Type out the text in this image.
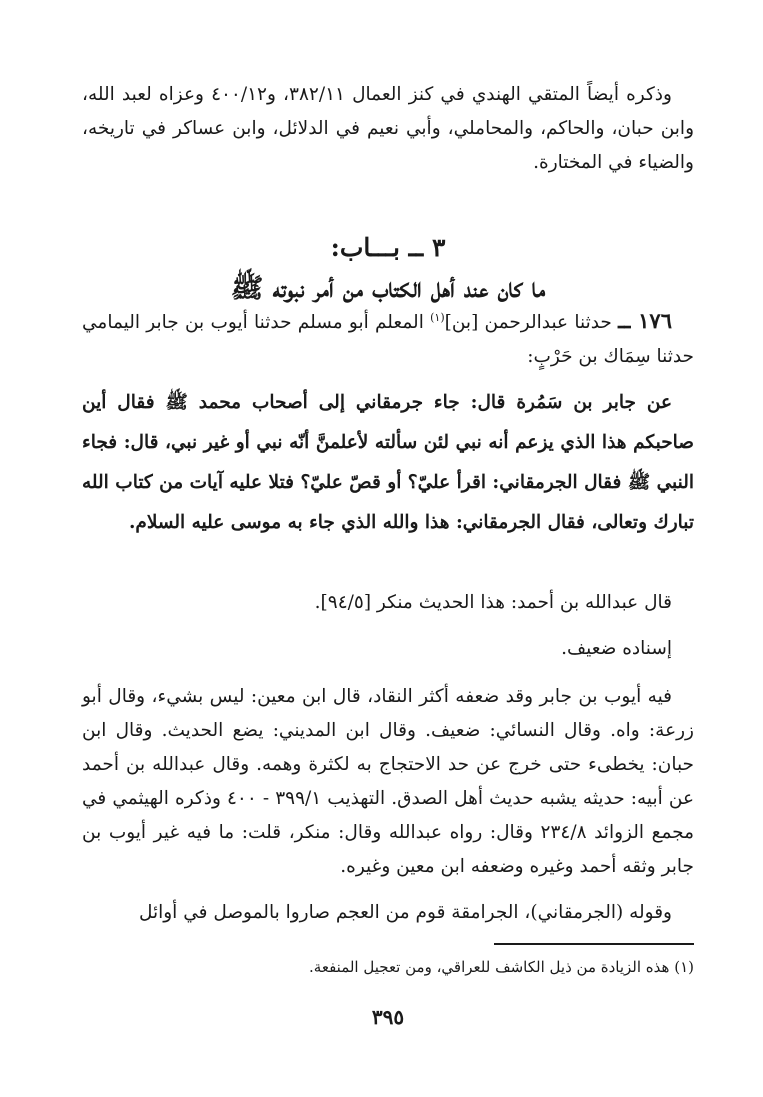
وذكره أيضاً المتقي الهندي في كنز العمال ٣٨٢/١١، و٤٠٠/١٢ وعزاه لعبد الله، وابن حبان، والحاكم، والمحاملي، وأبي نعيم في الدلائل، وابن عساكر في تاريخه، والضياء في المختارة.

٣ ــ بـــاب:
ما كان عند أهل الكتاب من أمر نبوته ﷺ

١٧٦ ــ حدثنا عبدالرحمن [بن]$^{(١)}$ المعلم أبو مسلم حدثنا أيوب بن جابر اليمامي حدثنا سِمَاك بن حَرْبٍ:

عن جابر بن سَمُرة قال: جاء جرمقاني إلى أصحاب محمد ﷺ فقال أين صاحبكم هذا الذي يزعم أنه نبي لئن سألته لأعلمنَّ أنّه نبي أو غير نبي، قال: فجاء النبي ﷺ فقال الجرمقاني: اقرأ عليّ؟ أو قصّ عليّ؟ فتلا عليه آيات من كتاب الله تبارك وتعالى، فقال الجرمقاني: هذا والله الذي جاء به موسى عليه السلام.

قال عبدالله بن أحمد: هذا الحديث منكر [٩٤/٥].

إسناده ضعيف.

فيه أيوب بن جابر وقد ضعفه أكثر النقاد، قال ابن معين: ليس بشيء، وقال أبو زرعة: واه. وقال النسائي: ضعيف. وقال ابن المديني: يضع الحديث. وقال ابن حبان: يخطىء حتى خرج عن حد الاحتجاج به لكثرة وهمه. وقال عبدالله بن أحمد عن أبيه: حديثه يشبه حديث أهل الصدق. التهذيب ٣٩٩/١ - ٤٠٠ وذكره الهيثمي في مجمع الزوائد ٢٣٤/٨ وقال: رواه عبدالله وقال: منكر، قلت: ما فيه غير أيوب بن جابر وثقه أحمد وغيره وضعفه ابن معين وغيره.

وقوله (الجرمقاني)، الجرامقة قوم من العجم صاروا بالموصل في أوائل

(١) هذه الزيادة من ذيل الكاشف للعراقي، ومن تعجيل المنفعة.

٣٩٥
